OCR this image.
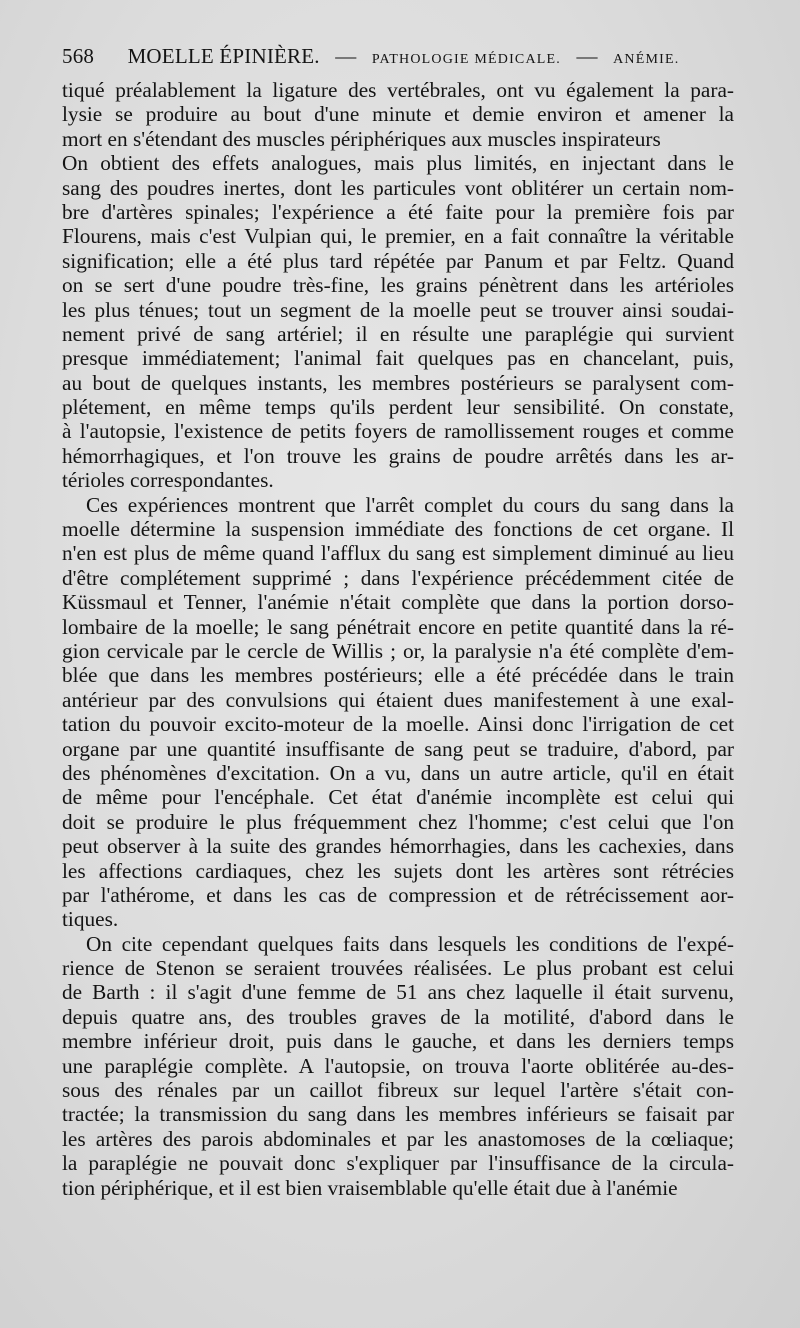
568 MOELLE ÉPINIÈRE. — PATHOLOGIE MÉDICALE. — ANÉMIE.
tiqué préalablement la ligature des vertébrales, ont vu également la para-
lysie se produire au bout d'une minute et demie environ et amener la
mort en s'étendant des muscles périphériques aux muscles inspirateurs
On obtient des effets analogues, mais plus limités, en injectant dans le
sang des poudres inertes, dont les particules vont oblitérer un certain nom-
bre d'artères spinales; l'expérience a été faite pour la première fois par
Flourens, mais c'est Vulpian qui, le premier, en a fait connaître la véritable
signification; elle a été plus tard répétée par Panum et par Feltz. Quand
on se sert d'une poudre très-fine, les grains pénètrent dans les artérioles
les plus ténues; tout un segment de la moelle peut se trouver ainsi soudai-
nement privé de sang artériel; il en résulte une paraplégie qui survient
presque immédiatement; l'animal fait quelques pas en chancelant, puis,
au bout de quelques instants, les membres postérieurs se paralysent com-
plétement, en même temps qu'ils perdent leur sensibilité. On constate,
à l'autopsie, l'existence de petits foyers de ramollissement rouges et comme
hémorrhagiques, et l'on trouve les grains de poudre arrêtés dans les ar-
térioles correspondantes.
Ces expériences montrent que l'arrêt complet du cours du sang dans la
moelle détermine la suspension immédiate des fonctions de cet organe. Il
n'en est plus de même quand l'afflux du sang est simplement diminué au lieu
d'être complétement supprimé ; dans l'expérience précédemment citée de
Küssmaul et Tenner, l'anémie n'était complète que dans la portion dorso-
lombaire de la moelle; le sang pénétrait encore en petite quantité dans la ré-
gion cervicale par le cercle de Willis ; or, la paralysie n'a été complète d'em-
blée que dans les membres postérieurs; elle a été précédée dans le train
antérieur par des convulsions qui étaient dues manifestement à une exal-
tation du pouvoir excito-moteur de la moelle. Ainsi donc l'irrigation de cet
organe par une quantité insuffisante de sang peut se traduire, d'abord, par
des phénomènes d'excitation. On a vu, dans un autre article, qu'il en était
de même pour l'encéphale. Cet état d'anémie incomplète est celui qui
doit se produire le plus fréquemment chez l'homme; c'est celui que l'on
peut observer à la suite des grandes hémorrhagies, dans les cachexies, dans
les affections cardiaques, chez les sujets dont les artères sont rétrécies
par l'athérome, et dans les cas de compression et de rétrécissement aor-
tiques.
On cite cependant quelques faits dans lesquels les conditions de l'expé-
rience de Stenon se seraient trouvées réalisées. Le plus probant est celui
de Barth : il s'agit d'une femme de 51 ans chez laquelle il était survenu,
depuis quatre ans, des troubles graves de la motilité, d'abord dans le
membre inférieur droit, puis dans le gauche, et dans les derniers temps
une paraplégie complète. A l'autopsie, on trouva l'aorte oblitérée au-des-
sous des rénales par un caillot fibreux sur lequel l'artère s'était con-
tractée; la transmission du sang dans les membres inférieurs se faisait par
les artères des parois abdominales et par les anastomoses de la cœliaque;
la paraplégie ne pouvait donc s'expliquer par l'insuffisance de la circula-
tion périphérique, et il est bien vraisemblable qu'elle était due à l'anémie
